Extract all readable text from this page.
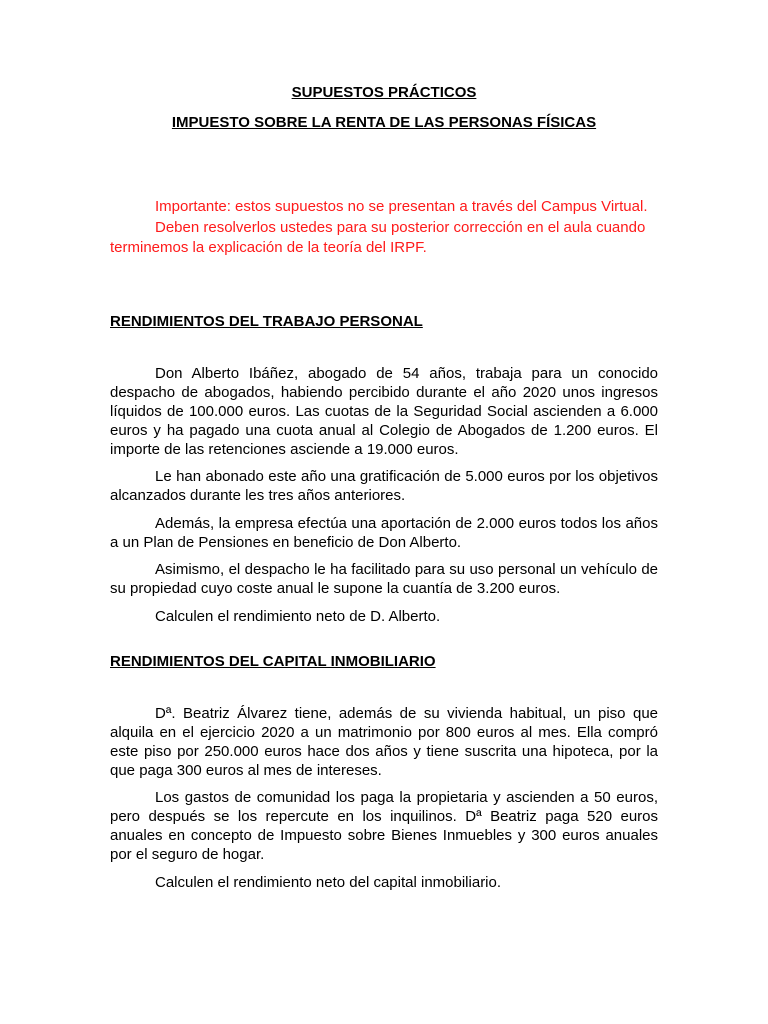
SUPUESTOS PRÁCTICOS
IMPUESTO SOBRE LA RENTA DE LAS PERSONAS FÍSICAS

Importante: estos supuestos no se presentan a través del Campus Virtual.

Deben resolverlos ustedes para su posterior corrección en el aula cuando terminemos la explicación de la teoría del IRPF.

RENDIMIENTOS DEL TRABAJO PERSONAL

Don Alberto Ibáñez, abogado de 54 años, trabaja para un conocido despacho de abogados, habiendo percibido durante el año 2020 unos ingresos líquidos de 100.000 euros. Las cuotas de la Seguridad Social ascienden a 6.000 euros y ha pagado una cuota anual al Colegio de Abogados de 1.200 euros. El importe de las retenciones asciende a 19.000 euros.

Le han abonado este año una gratificación de 5.000 euros por los objetivos alcanzados durante les tres años anteriores.

Además, la empresa efectúa una aportación de 2.000 euros todos los años a un Plan de Pensiones en beneficio de Don Alberto.

Asimismo, el despacho le ha facilitado para su uso personal un vehículo de su propiedad cuyo coste anual le supone la cuantía de 3.200 euros.

Calculen el rendimiento neto de D. Alberto.

RENDIMIENTOS DEL CAPITAL INMOBILIARIO

Dª. Beatriz Álvarez tiene, además de su vivienda habitual, un piso que alquila en el ejercicio 2020 a un matrimonio por 800 euros al mes. Ella compró este piso por 250.000 euros hace dos años y tiene suscrita una hipoteca, por la que paga 300 euros al mes de intereses.

Los gastos de comunidad los paga la propietaria y ascienden a 50 euros, pero después se los repercute en los inquilinos. Dª Beatriz paga 520 euros anuales en concepto de Impuesto sobre Bienes Inmuebles y 300 euros anuales por el seguro de hogar.

Calculen el rendimiento neto del capital inmobiliario.
